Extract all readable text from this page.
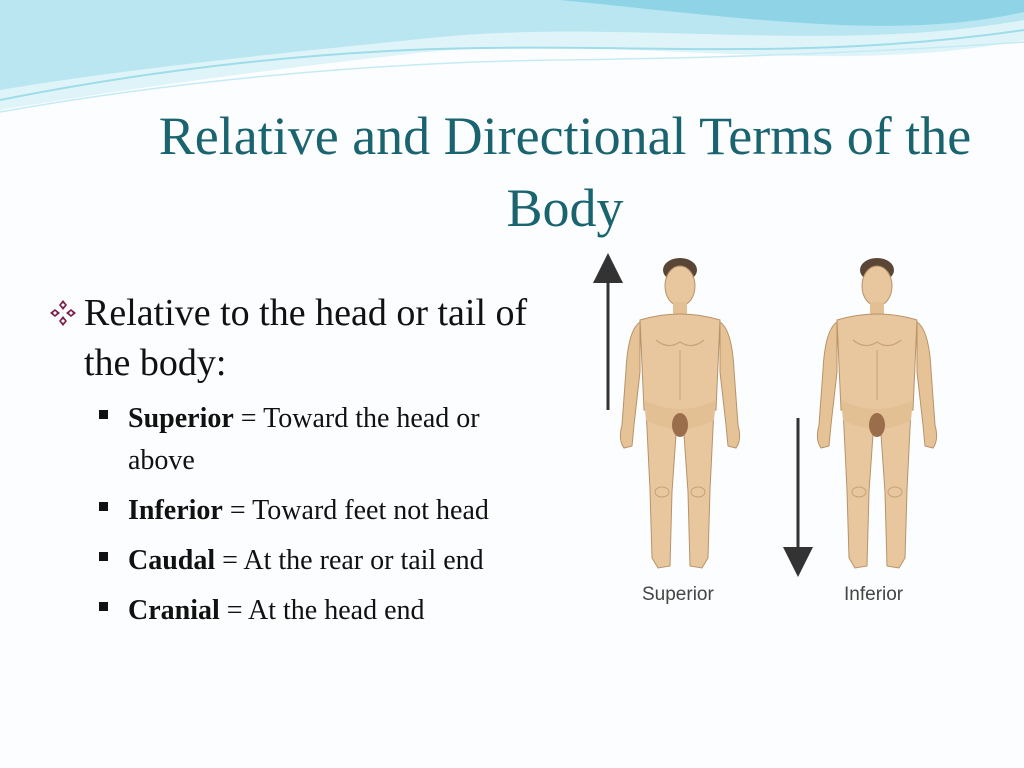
Relative and Directional Terms of the Body
Relative to the head or tail of the body:
Superior = Toward the head or above
Inferior = Toward feet not head
Caudal = At the rear or tail end
Cranial = At the head end
Superior	Inferior
